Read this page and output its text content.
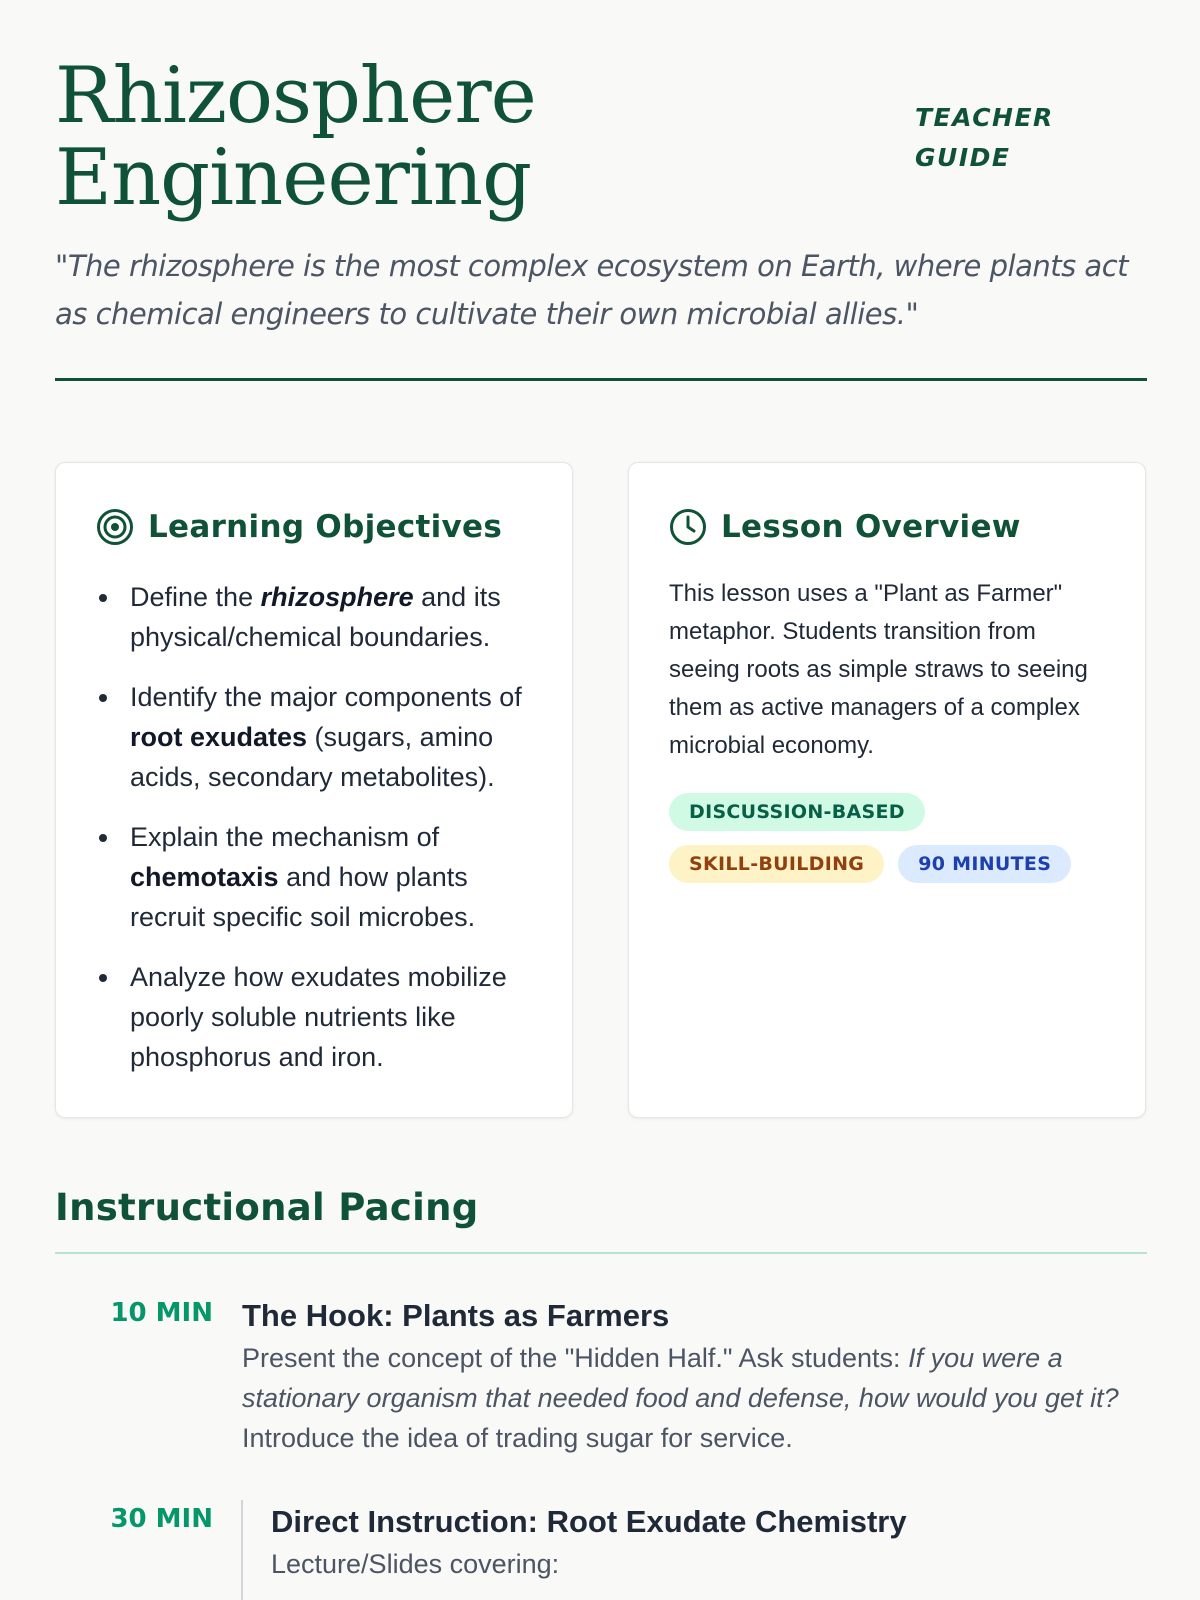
Rhizosphere
Engineering
TEACHER
GUIDE

"The rhizosphere is the most complex ecosystem on Earth, where plants act as chemical engineers to cultivate their own microbial allies."

Learning Objectives
Define the rhizosphere and its physical/chemical boundaries.
Identify the major components of root exudates (sugars, amino acids, secondary metabolites).
Explain the mechanism of chemotaxis and how plants recruit specific soil microbes.
Analyze how exudates mobilize poorly soluble nutrients like phosphorus and iron.
Lesson Overview

This lesson uses a "Plant as Farmer" metaphor. Students transition from seeing roots as simple straws to seeing them as active managers of a complex microbial economy.

DISCUSSION-BASED
SKILL-BUILDING	90 MINUTES
Instructional Pacing
10 MIN The Hook: Plants as Farmers

Present the concept of the "Hidden Half." Ask students: If you were a stationary organism that needed food and defense, how would you get it? Introduce the idea of trading sugar for service.

30 MIN Direct Instruction: Root Exudate Chemistry

Lecture/Slides covering:
